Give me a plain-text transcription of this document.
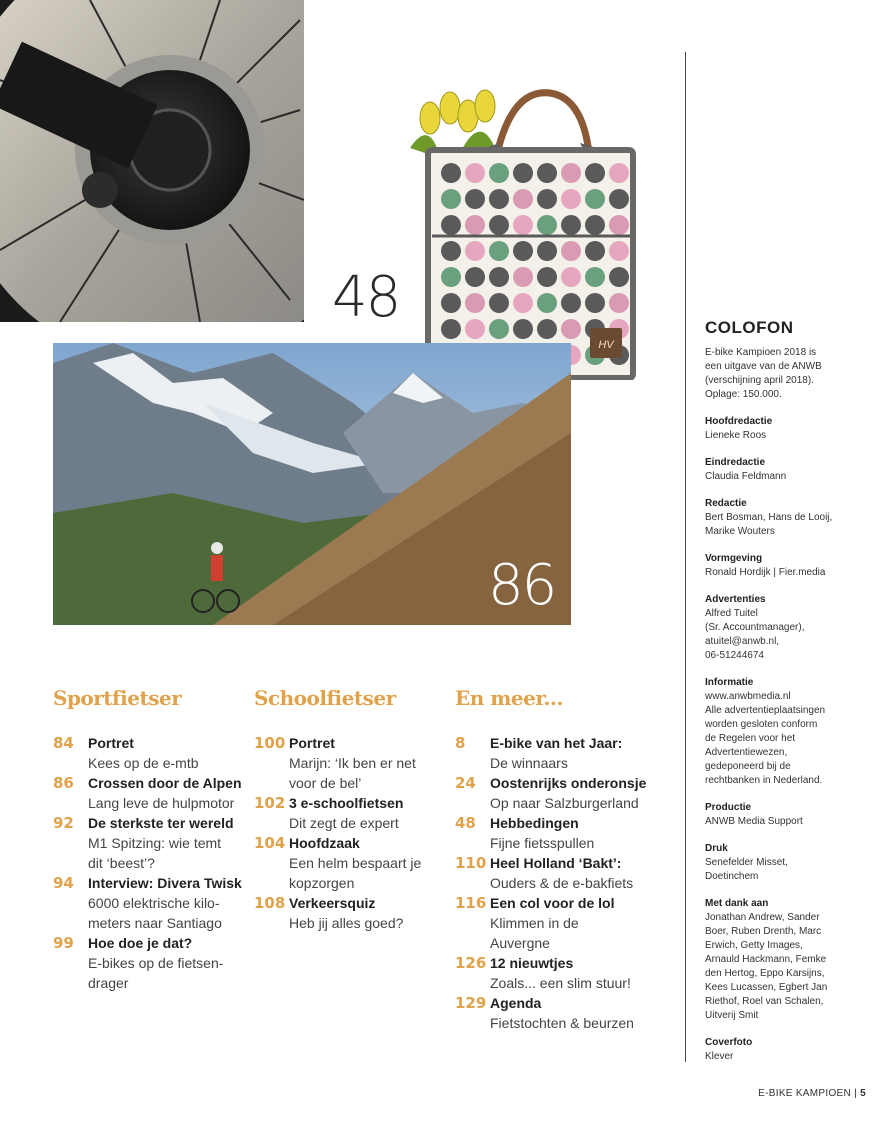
HV
48
86
Sportfietser	Schoolfietser	En meer...
84	Portret
Kees op de e-mtb
86	Crossen door de Alpen
Lang leve de hulpmotor
92	De sterkste ter wereld
M1 Spitzing: wie temt
dit ‘beest’?
94	Interview: Divera Twisk
6000 elektrische kilo-
meters naar Santiago
99	Hoe doe je dat?
E-bikes op de fietsen-
drager
100 Portret
Marijn: ‘Ik ben er net
voor de bel’
102 3 e-schoolfietsen
Dit zegt de expert
104 Hoofdzaak
Een helm bespaart je
kopzorgen
108 Verkeersquiz
Heb jij alles goed?
8	E-bike van het Jaar:
De winnaars
24	Oostenrijks onderonsje
Op naar Salzburgerland
48	Hebbedingen
Fijne fietsspullen
110 Heel Holland ‘Bakt’:
Ouders & de e-bakfiets
116 Een col voor de lol
Klimmen in de
Auvergne
126 12 nieuwtjes
Zoals... een slim stuur!
129 Agenda
Fietstochten & beurzen
COLOFON
E-bike Kampioen 2018 is
een uitgave van de ANWB
(verschijning april 2018).
Oplage: 150.000.
Hoofdredactie
Lieneke Roos
Eindredactie
Claudia Feldmann
Redactie
Bert Bosman, Hans de Looij,
Marike Wouters
Vormgeving
Ronald Hordijk | Fier.media
Advertenties
Alfred Tuitel
(Sr. Accountmanager),
atuitel@anwb.nl,
06-51244674
Informatie
www.anwbmedia.nl
Alle advertentieplaatsingen
worden gesloten conform
de Regelen voor het
Advertentiewezen,
gedeponeerd bij de
rechtbanken in Nederland.
Productie
ANWB Media Support
Druk
Senefelder Misset,
Doetinchem
Met dank aan
Jonathan Andrew, Sander
Boer, Ruben Drenth, Marc
Erwich, Getty Images,
Arnauld Hackmann, Femke
den Hertog, Eppo Karsijns,
Kees Lucassen, Egbert Jan
Riethof, Roel van Schalen,
Uitverij Smit
Coverfoto
Klever
E-BIKE KAMPIOEN | 5
